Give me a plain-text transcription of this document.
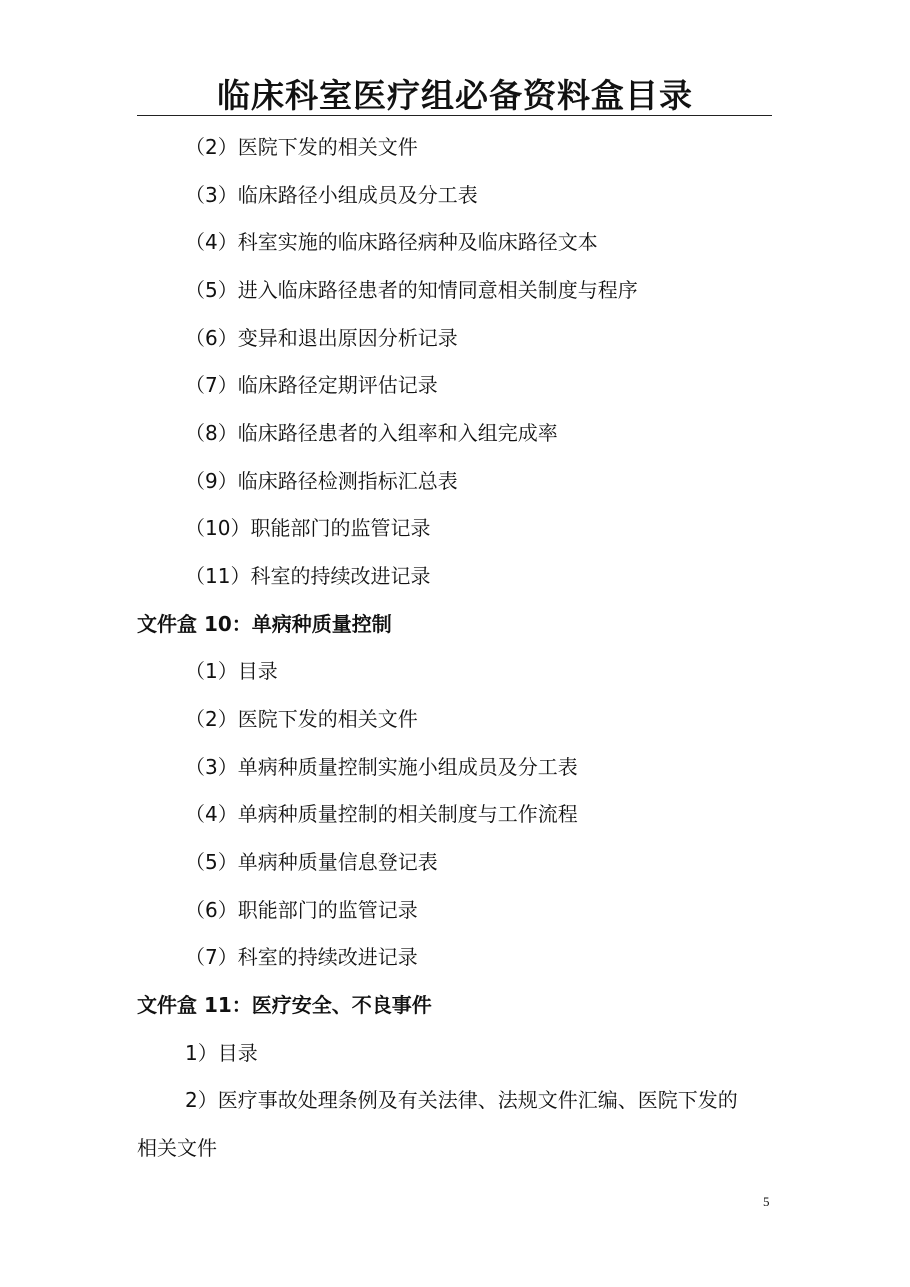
临床科室医疗组必备资料盒目录
（2）医院下发的相关文件
（3）临床路径小组成员及分工表
（4）科室实施的临床路径病种及临床路径文本
（5）进入临床路径患者的知情同意相关制度与程序
（6）变异和退出原因分析记录
（7）临床路径定期评估记录
（8）临床路径患者的入组率和入组完成率
（9）临床路径检测指标汇总表
（10）职能部门的监管记录
（11）科室的持续改进记录
文件盒 10：单病种质量控制
（1）目录
（2）医院下发的相关文件
（3）单病种质量控制实施小组成员及分工表
（4）单病种质量控制的相关制度与工作流程
（5）单病种质量信息登记表
（6）职能部门的监管记录
（7）科室的持续改进记录
文件盒 11：医疗安全、不良事件
1）目录
2）医疗事故处理条例及有关法律、法规文件汇编、医院下发的
相关文件
5
